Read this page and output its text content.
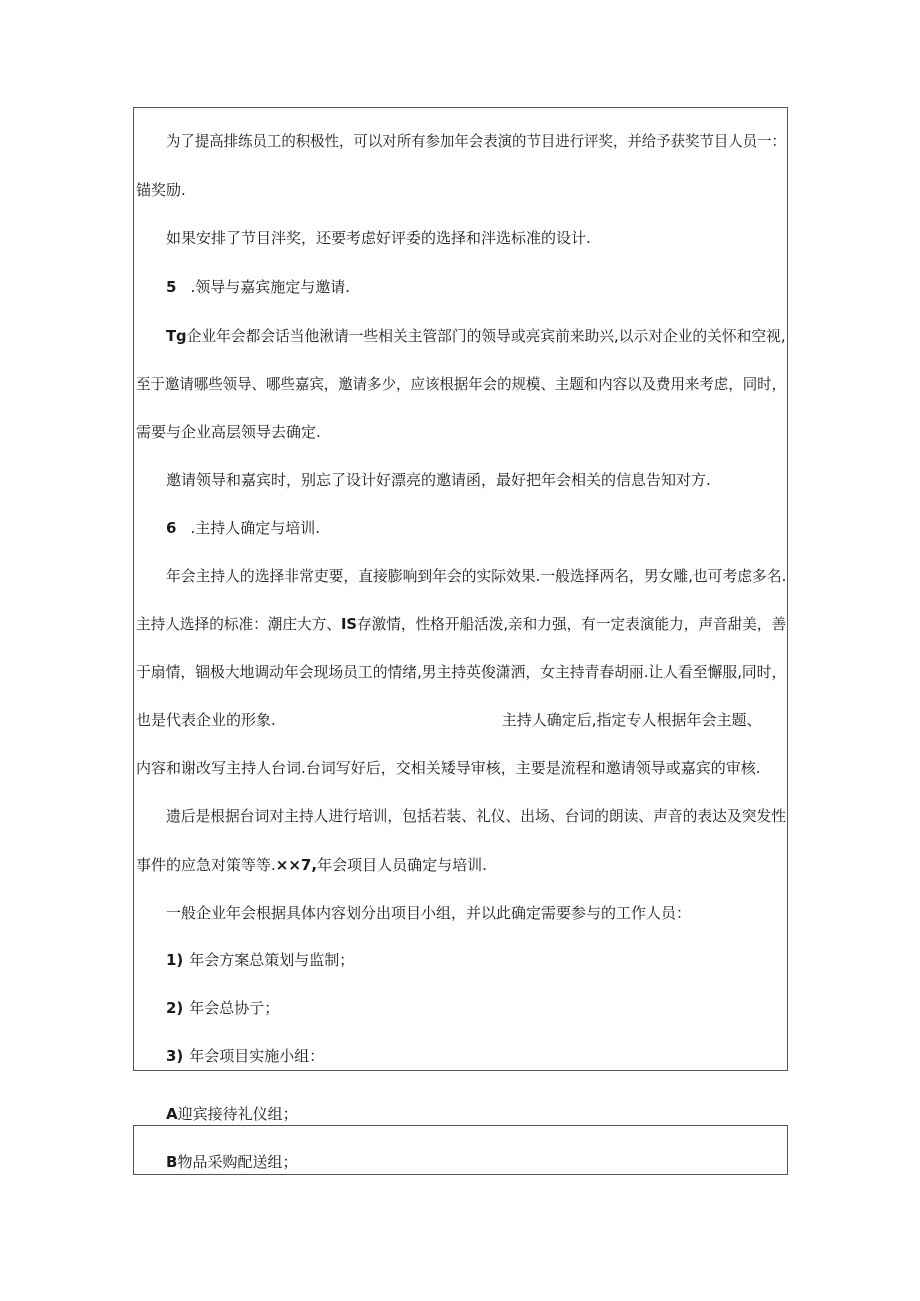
为了提高排练员工的积极性，可以对所有参加年会表演的节目进行评奖，并给予获奖节目人员一：
锚奖励.
如果安排了节目泮奖，还要考虑好评委的选择和泮选标准的设计.
5 .领导与嘉宾施定与邀请.
Tg企业年会都会话当他湫请一些相关主管部门的领导或亮宾前来助兴,以示对企业的关怀和空视,
至于邀请哪些领导、哪些嘉宾，邀请多少，应该根据年会的规模、主题和内容以及费用来考虑，同时，
需要与企业高层领导去确定.
邀请领导和嘉宾时，别忘了设计好漂亮的邀请函，最好把年会相关的信息告知对方.
6 .主持人确定与培训.
年会主持人的选择非常吏要，直接膨响到年会的实际效果.一般选择两名，男女雕,也可考虑多名.
主持人选择的标准：潮庄大方、IS存激情，性格开船活泼,亲和力强，有一定表演能力，声音甜美，善
于扇情，锢极大地调动年会现场员工的情绪,男主持英俊潇洒，女主持青春胡丽.让人看至懈服,同时，
也是代表企业的形象.	主持人确定后,指定专人根据年会主题、
内容和谢改写主持人台词.台词写好后，交相关矮导审核，主要是流程和邀请领导或嘉宾的审核.
遗后是根据台词对主持人进行培训，包括若装、礼仪、出场、台词的朗读、声音的表达及突发性
事件的应急对策等等.××7,年会项目人员确定与培训.
一般企业年会根据具体内容划分出项目小组，并以此确定需要参与的工作人员：
1) 年会方案总策划与监制；
2) 年会总协亍；
3) 年会项目实施小组：
A迎宾接待礼仪组；
B物品采购配送组；
